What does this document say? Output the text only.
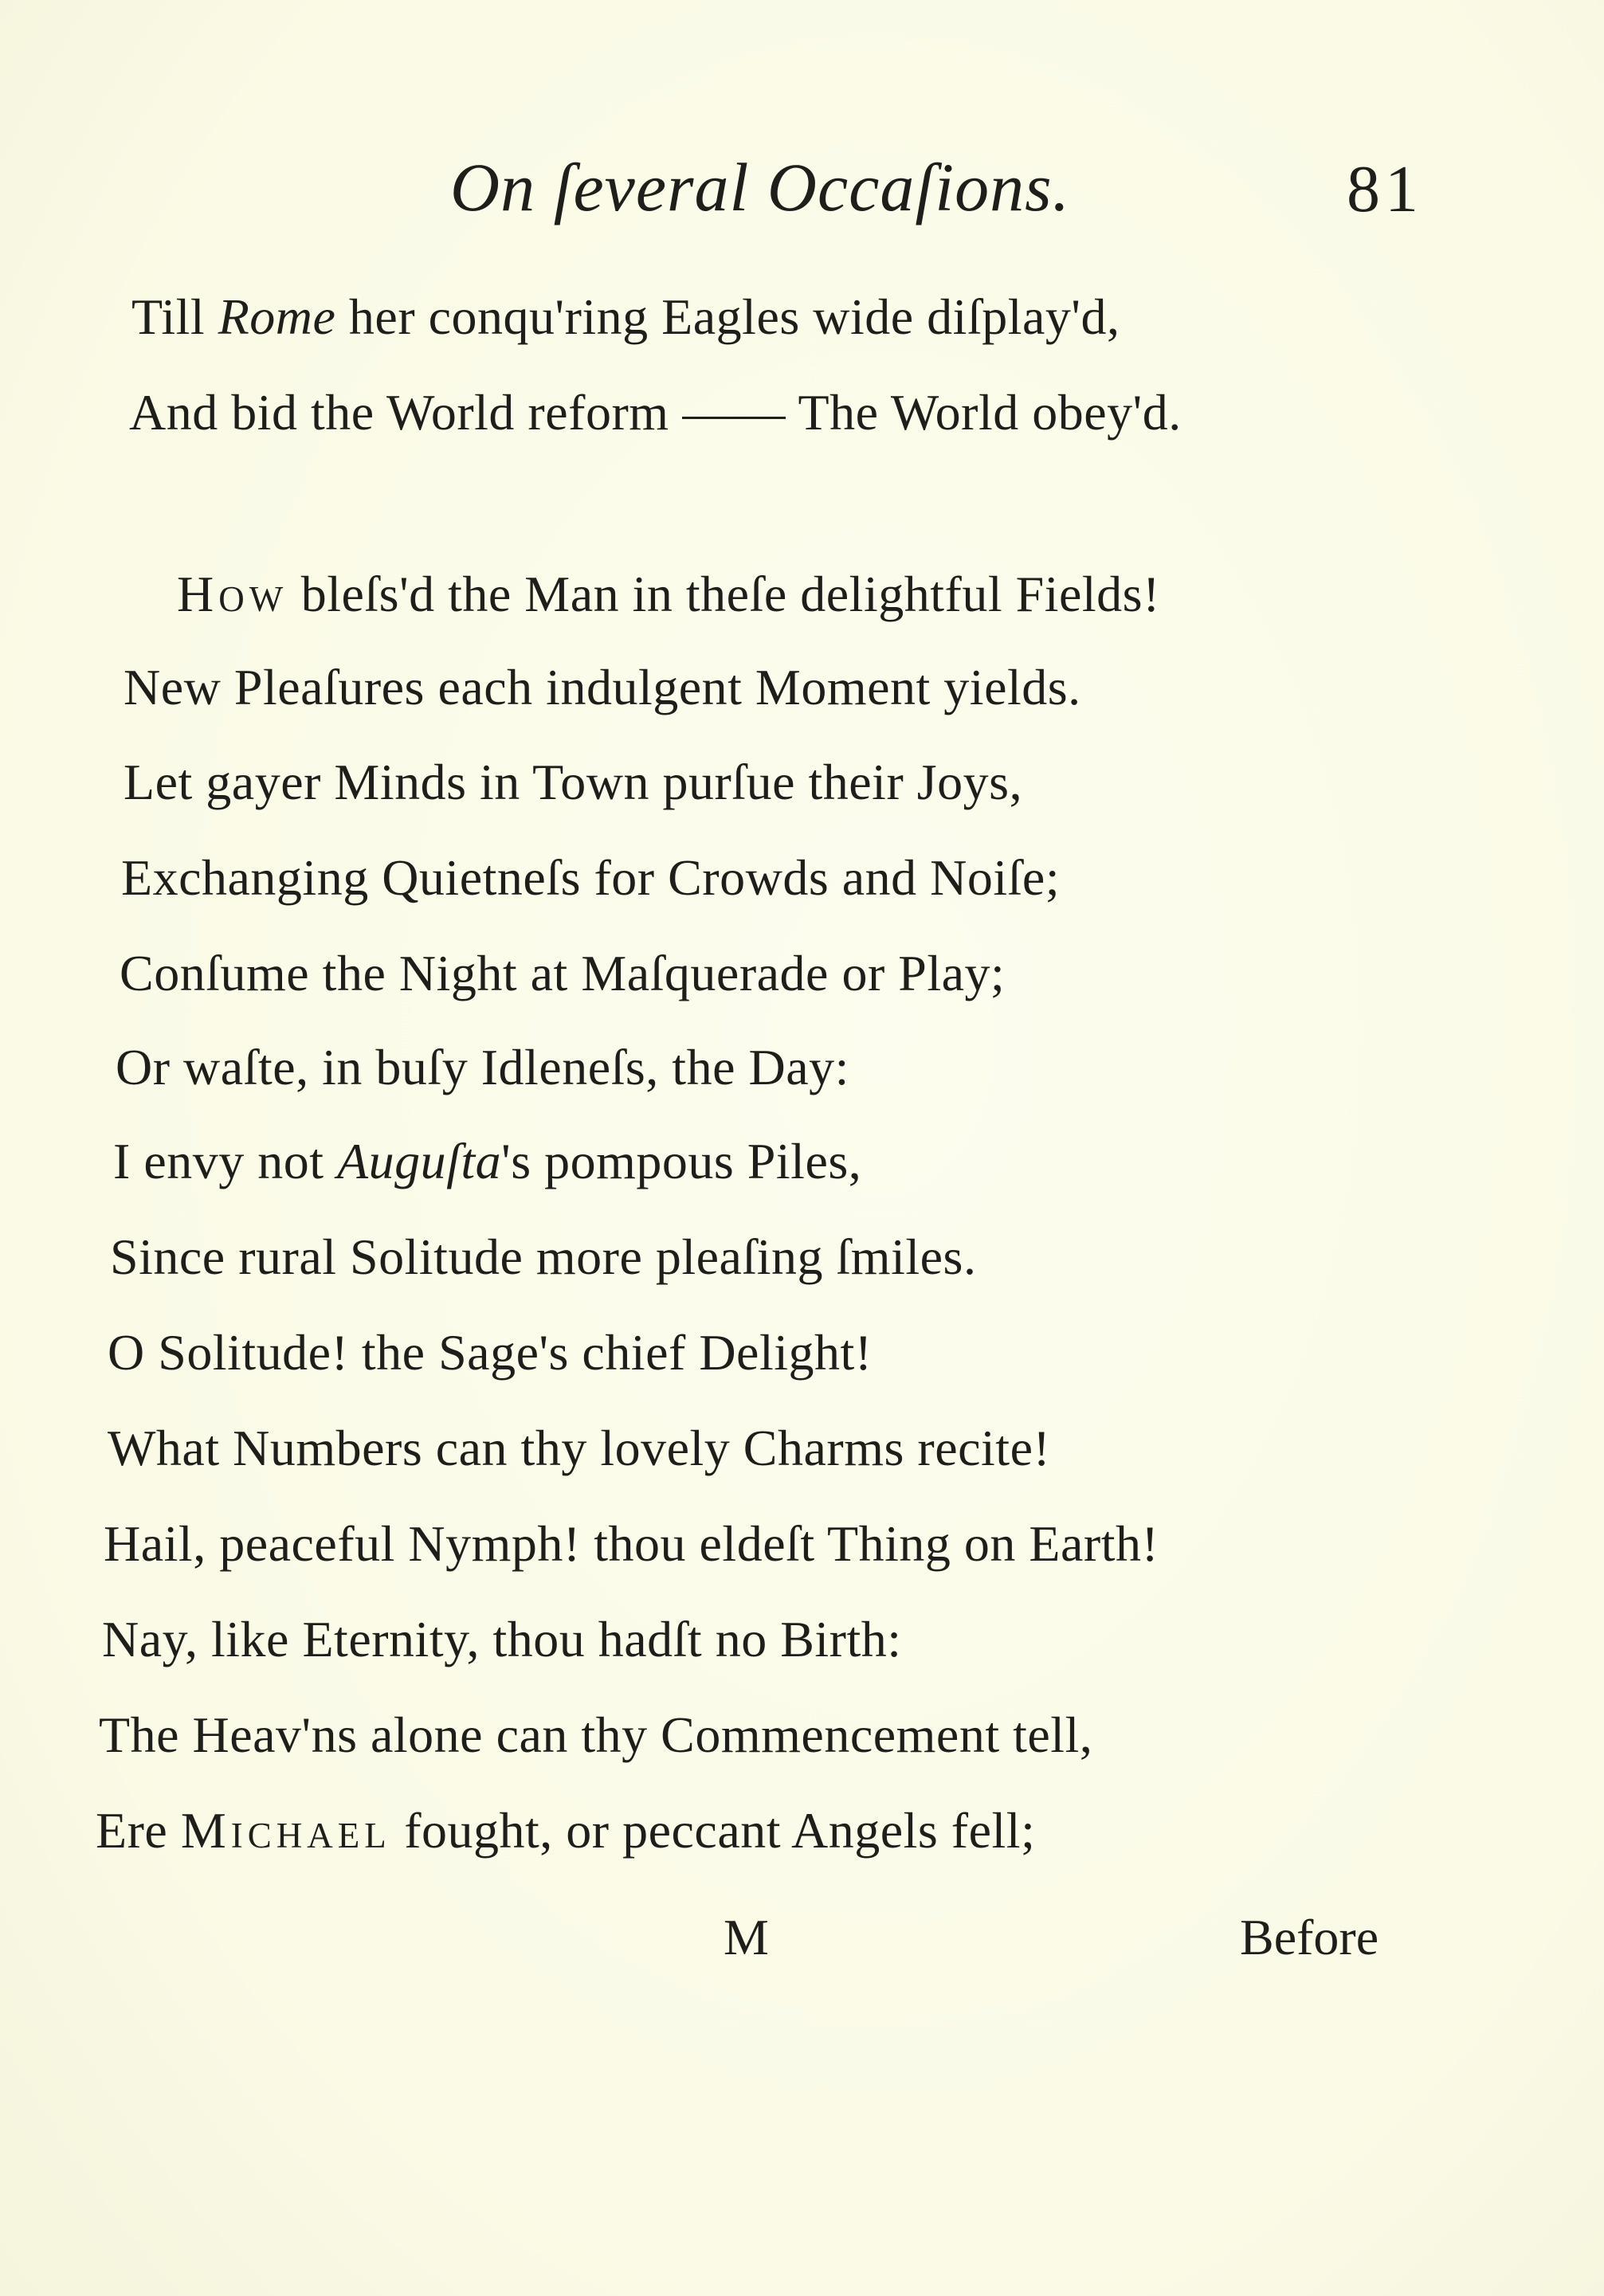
On ſeveral Occaſions.	81
Till Rome her conqu'ring Eagles wide diſplay'd,
And bid the World reform	The World obey'd.
How bleſs'd the Man in theſe delightful Fields!
New Pleaſures each indulgent Moment yields.
Let gayer Minds in Town purſue their Joys,
Exchanging Quietneſs for Crowds and Noiſe;
Conſume the Night at Maſquerade or Play;
Or waſte, in buſy Idleneſs, the Day:
I envy not Auguſta's pompous Piles,
Since rural Solitude more pleaſing ſmiles.
O Solitude! the Sage's chief Delight!
What Numbers can thy lovely Charms recite!
Hail, peaceful Nymph! thou eldeſt Thing on Earth!
Nay, like Eternity, thou hadſt no Birth:
The Heav'ns alone can thy Commencement tell,
Ere Michael fought, or peccant Angels fell;
M	Before
